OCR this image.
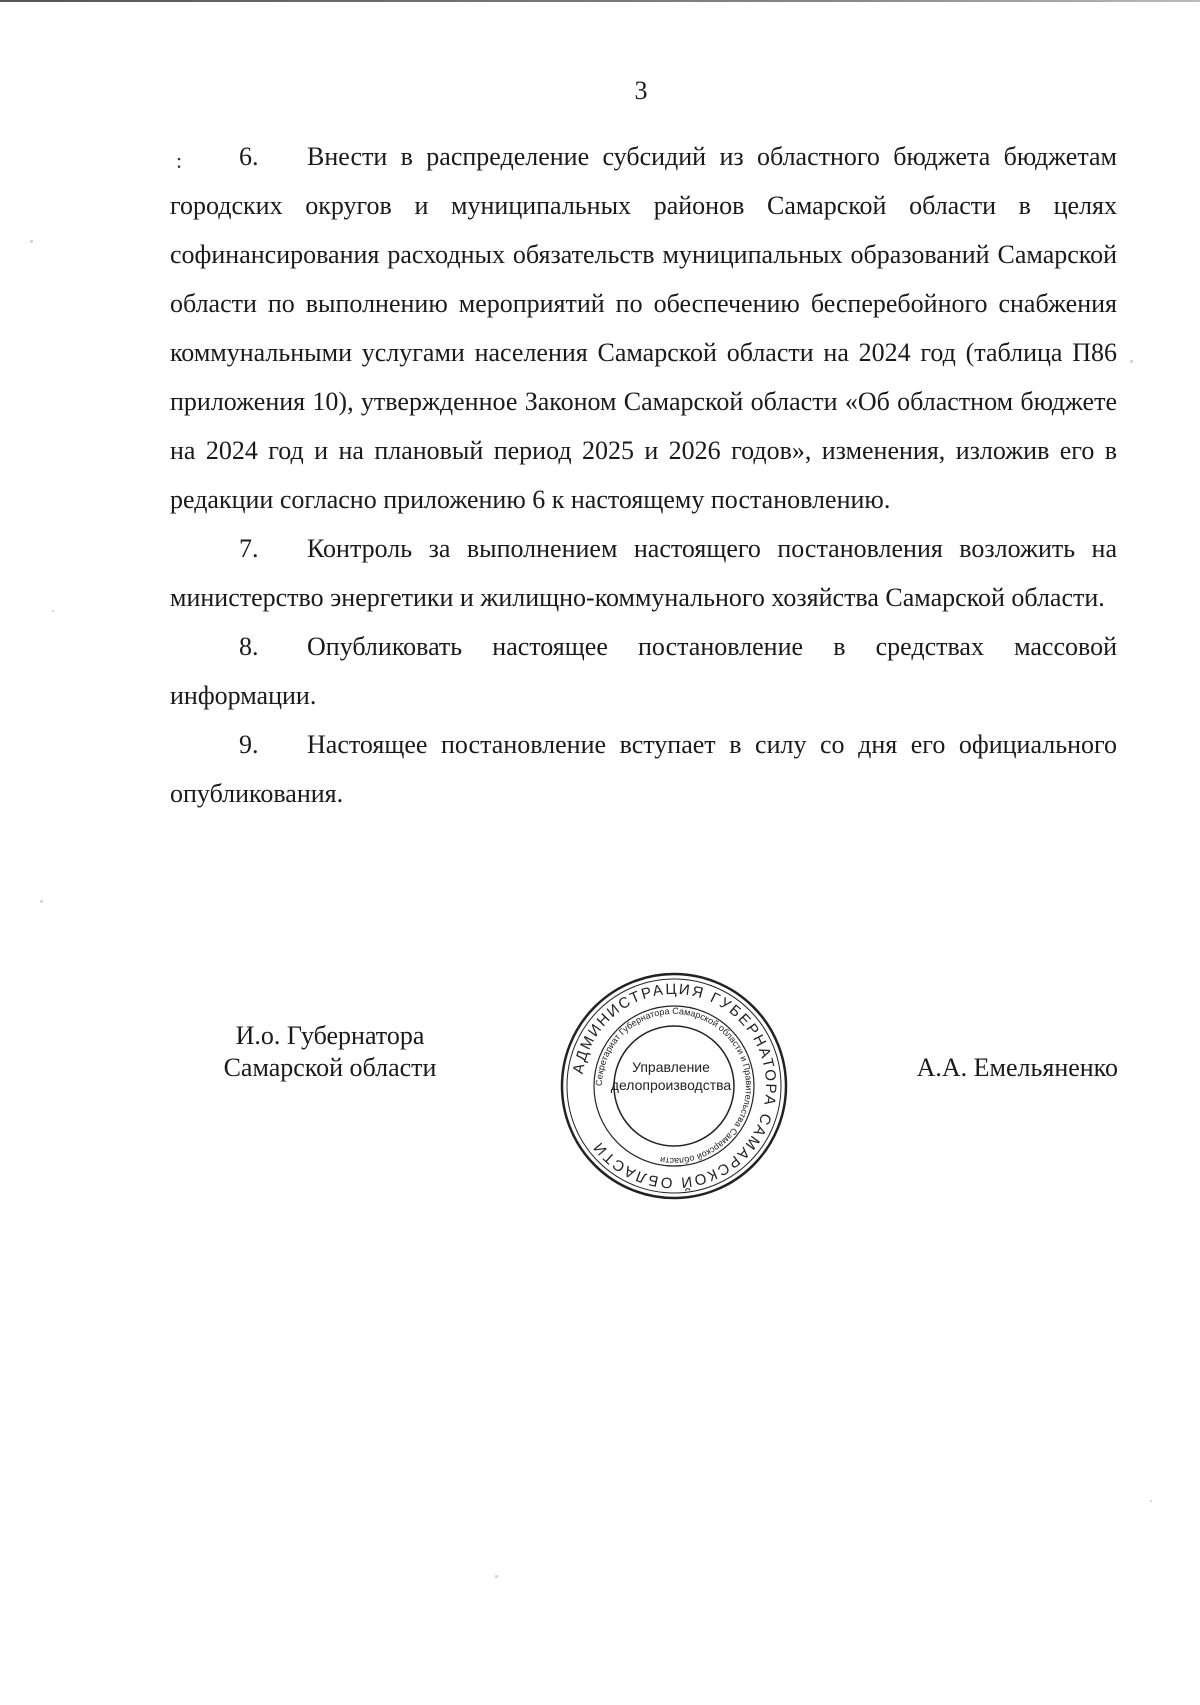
3
:	6. Внести в распределение субсидий из областного бюджета бюджетам городских округов и муниципальных районов Самарской области в целях софинансирования расходных обязательств муниципальных образований Самарской области по выполнению мероприятий по обеспечению бесперебойного снабжения коммунальными услугами населения Самарской области на 2024 год (таблица П86 приложения 10), утвержденное Законом Самарской области «Об областном бюджете на 2024 год и на плановый период 2025 и 2026 годов», изменения, изложив его в редакции согласно приложению 6 к настоящему постановлению.

7. Контроль за выполнением настоящего постановления возложить на министерство энергетики и жилищно-коммунального хозяйства Самарской области.

8. Опубликовать настоящее постановление в средствах массовой информации.

9. Настоящее постановление вступает в силу со дня его официального опубликования.

И.о. Губернатора
Самарской области	АДМИНИСТРАЦИЯ ГУБЕРНАТОРА САМАРСКОЙ ОБЛАСТИ
Секретариат Губернатора Самарской области и Правительства Самарской области
Управление
делопроизводства
А.А. Емельяненко
